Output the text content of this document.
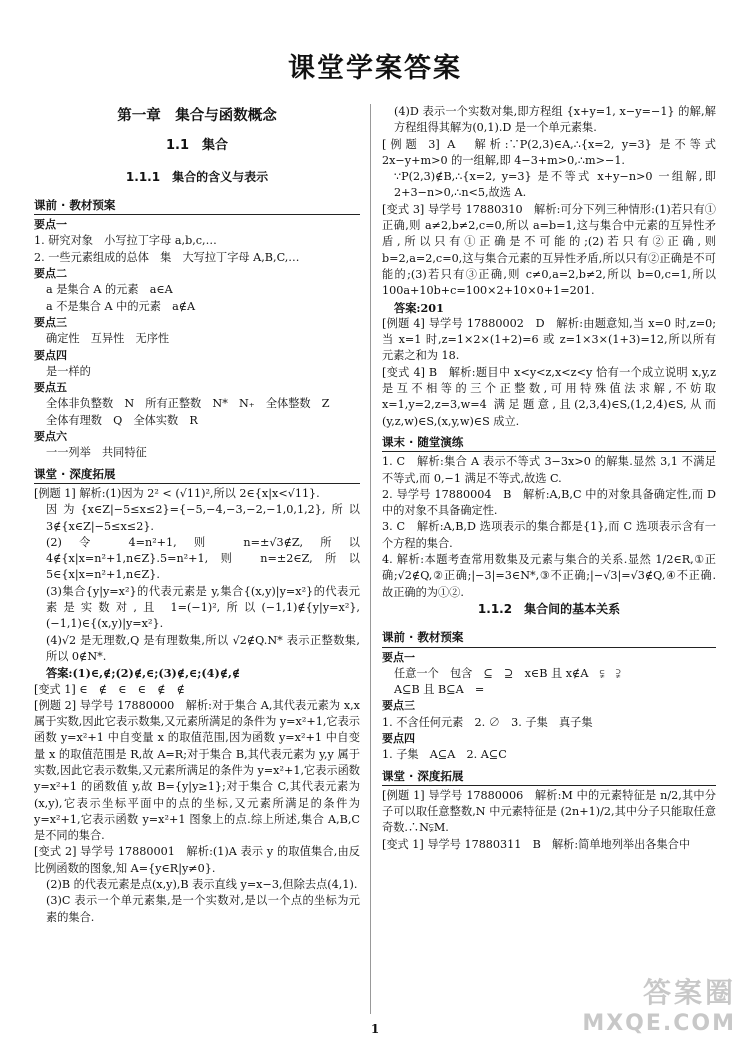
课堂学案答案
第一章　集合与函数概念
1.1　集合
1.1.1　集合的含义与表示
课前 · 教材预案
要点一
1. 研究对象　小写拉丁字母 a,b,c,…
2. 一些元素组成的总体　集　大写拉丁字母 A,B,C,…
要点二
a 是集合 A 的元素　a∈A
a 不是集合 A 中的元素　a∉A
要点三
确定性　互异性　无序性
要点四
是一样的
要点五
全体非负整数　N　所有正整数　N*　N₊　全体整数　Z
全体有理数　Q　全体实数　R
要点六
一一列举　共同特征
课堂 · 深度拓展
[例题 1] 解析:(1)因为 2² < (√11)²,所以 2∈{x|x<√11}.
因为{x∈Z|−5≤x≤2}={−5,−4,−3,−2,−1,0,1,2},所以 3∉{x∈Z|−5≤x≤2}.
(2)令 4=n²+1,则 n=±√3∉Z,所以 4∉{x|x=n²+1,n∈Z}.5=n²+1,则 n=±2∈Z,所以 5∈{x|x=n²+1,n∈Z}.
(3)集合{y|y=x²}的代表元素是 y,集合{(x,y)|y=x²}的代表元素是实数对,且 1=(−1)²,所以(−1,1)∉{y|y=x²},(−1,1)∈{(x,y)|y=x²}.
(4)√2 是无理数,Q 是有理数集,所以 √2∉Q.N* 表示正整数集,所以 0∉N*.
答案:(1)∈,∉;(2)∉,∈;(3)∉,∈;(4)∉,∉
[变式 1] ∈　∉　∈　∈　∉　∉
[例题 2] 导学号 17880000　解析:对于集合 A,其代表元素为 x,x 属于实数,因此它表示数集,又元素所满足的条件为 y=x²+1,它表示函数 y=x²+1 中自变量 x 的取值范围,因为函数 y=x²+1 中自变量 x 的取值范围是 R,故 A=R;对于集合 B,其代表元素为 y,y 属于实数,因此它表示数集,又元素所满足的条件为 y=x²+1,它表示函数 y=x²+1 的函数值 y,故 B={y|y≥1};对于集合 C,其代表元素为(x,y),它表示坐标平面中的点的坐标,又元素所满足的条件为 y=x²+1,它表示函数 y=x²+1 图象上的点.综上所述,集合 A,B,C 是不同的集合.
[变式 2] 导学号 17880001　解析:(1)A 表示 y 的取值集合,由反比例函数的图象,知 A={y∈R|y≠0}.
(2)B 的代表元素是点(x,y),B 表示直线 y=x−3,但除去点(4,1).
(3)C 表示一个单元素集,是一个实数对,是以一个点的坐标为元素的集合.
(4)D 表示一个实数对集,即方程组 {x+y=1, x−y=−1} 的解,解方程组得其解为(0,1).D 是一个单元素集.
[例题 3] A　解析:∵P(2,3)∈A,∴{x=2, y=3} 是不等式 2x−y+m>0 的一组解,即 4−3+m>0,∴m>−1.
∵P(2,3)∉B,∴{x=2, y=3} 是不等式 x+y−n>0 一组解,即 2+3−n>0,∴n<5,故选 A.
[变式 3] 导学号 17880310　解析:可分下列三种情形:(1)若只有①正确,则 a≠2,b≠2,c=0,所以 a=b=1,这与集合中元素的互异性矛盾,所以只有①正确是不可能的;(2)若只有②正确,则 b=2,a=2,c=0,这与集合元素的互异性矛盾,所以只有②正确是不可能的;(3)若只有③正确,则 c≠0,a=2,b≠2,所以 b=0,c=1,所以 100a+10b+c=100×2+10×0+1=201.
答案:201
[例题 4] 导学号 17880002　D　解析:由题意知,当 x=0 时,z=0;当 x=1 时,z=1×2×(1+2)=6 或 z=1×3×(1+3)=12,所以所有元素之和为 18.
[变式 4] B　解析:题目中 x<y<z,x<z<y 恰有一个成立说明 x,y,z 是互不相等的三个正整数,可用特殊值法求解,不妨取 x=1,y=2,z=3,w=4 满足题意,且(2,3,4)∈S,(1,2,4)∈S,从而(y,z,w)∈S,(x,y,w)∈S 成立.
课末 · 随堂演练
1. C　解析:集合 A 表示不等式 3−3x>0 的解集.显然 3,1 不满足不等式,而 0,−1 满足不等式,故选 C.
2. 导学号 17880004　B　解析:A,B,C 中的对象具备确定性,而 D 中的对象不具备确定性.
3. C　解析:A,B,D 选项表示的集合都是{1},而 C 选项表示含有一个方程的集合.
4. 解析:本题考查常用数集及元素与集合的关系.显然 1/2∈R,①正确;√2∉Q,②正确;|−3|=3∈N*,③不正确;|−√3|=√3∉Q,④不正确.故正确的为①②.
1.1.2　集合间的基本关系
课前 · 教材预案
要点一
任意一个　包含　⊆　⊇　x∈B 且 x∉A　⫋　⫌
A⊆B 且 B⊆A　=
要点三
1. 不含任何元素　2. ∅　3. 子集　真子集
要点四
1. 子集　A⊆A　2. A⊆C
课堂 · 深度拓展
[例题 1] 导学号 17880006　解析:M 中的元素特征是 n/2,其中分子可以取任意整数,N 中元素特征是 (2n+1)/2,其中分子只能取任意奇数.∴N⫋M.
[变式 1] 导学号 17880311　B　解析:简单地列举出各集合中
1
答案圈
MXQE.COM
